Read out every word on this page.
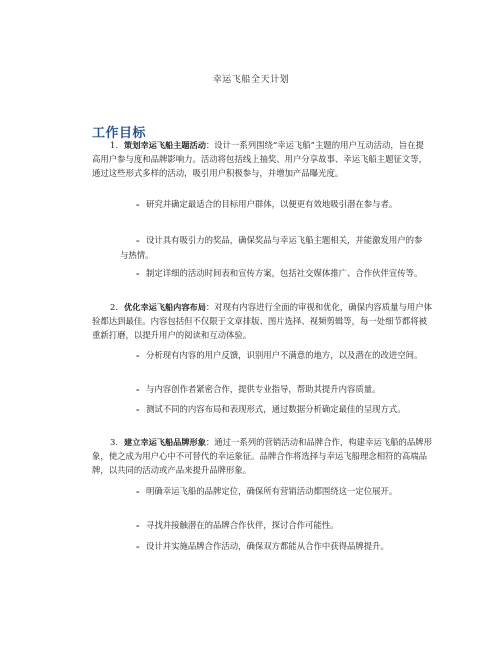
幸运飞船全天计划
工作目标
1. 策划幸运飞船主题活动：设计一系列围绕“幸运飞船”主题的用户互动活动，旨在提高用户参与度和品牌影响力。活动将包括线上抽奖、用户分享故事、幸运飞船主题征文等，通过这些形式多样的活动，吸引用户积极参与，并增加产品曝光度。
– 研究并确定最适合的目标用户群体，以便更有效地吸引潜在参与者。
– 设计具有吸引力的奖品，确保奖品与幸运飞船主题相关，并能激发用户的参与热情。
– 制定详细的活动时间表和宣传方案，包括社交媒体推广、合作伙伴宣传等。
2. 优化幸运飞船内容布局：对现有内容进行全面的审视和优化，确保内容质量与用户体验都达到最佳。内容包括但不仅限于文章排版、图片选择、视频剪辑等，每一处细节都将被重新打磨，以提升用户的阅读和互动体验。
– 分析现有内容的用户反馈，识别用户不满意的地方，以及潜在的改进空间。
– 与内容创作者紧密合作，提供专业指导，帮助其提升内容质量。
– 测试不同的内容布局和表现形式，通过数据分析确定最佳的呈现方式。
3. 建立幸运飞船品牌形象：通过一系列的营销活动和品牌合作，构建幸运飞船的品牌形象，使之成为用户心中不可替代的幸运象征。品牌合作将选择与幸运飞船理念相符的高端品牌，以共同的活动或产品来提升品牌形象。
– 明确幸运飞船的品牌定位，确保所有营销活动都围绕这一定位展开。
– 寻找并接触潜在的品牌合作伙伴，探讨合作可能性。
– 设计并实施品牌合作活动，确保双方都能从合作中获得品牌提升。
